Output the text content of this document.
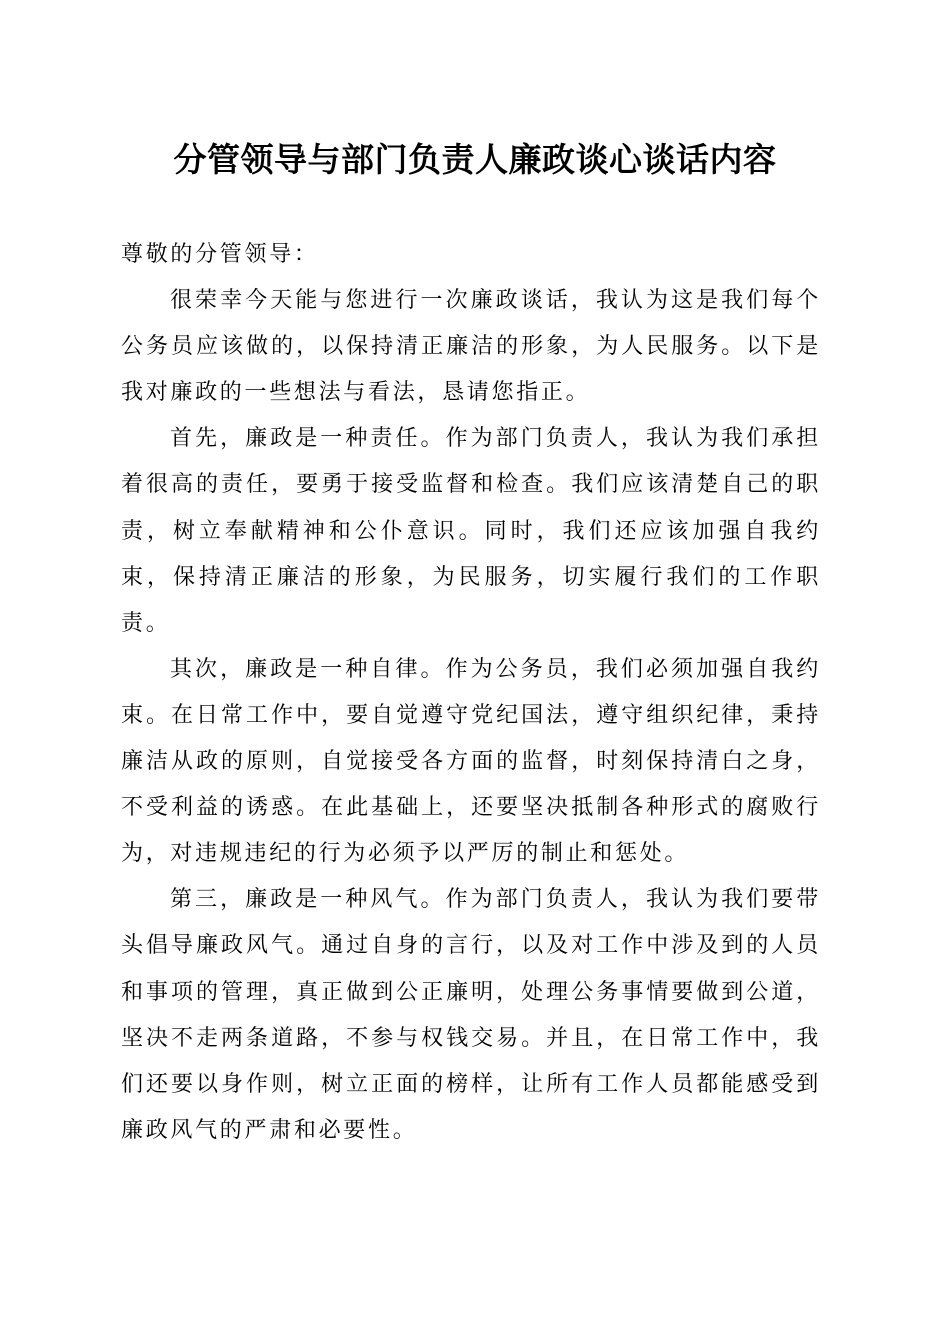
分管领导与部门负责人廉政谈心谈话内容

尊敬的分管领导：

很荣幸今天能与您进行一次廉政谈话，我认为这是我们每个公务员应该做的，以保持清正廉洁的形象，为人民服务。以下是我对廉政的一些想法与看法，恳请您指正。

首先，廉政是一种责任。作为部门负责人，我认为我们承担着很高的责任，要勇于接受监督和检查。我们应该清楚自己的职责，树立奉献精神和公仆意识。同时，我们还应该加强自我约束，保持清正廉洁的形象，为民服务，切实履行我们的工作职责。

其次，廉政是一种自律。作为公务员，我们必须加强自我约束。在日常工作中，要自觉遵守党纪国法，遵守组织纪律，秉持廉洁从政的原则，自觉接受各方面的监督，时刻保持清白之身，不受利益的诱惑。在此基础上，还要坚决抵制各种形式的腐败行为，对违规违纪的行为必须予以严厉的制止和惩处。

第三，廉政是一种风气。作为部门负责人，我认为我们要带头倡导廉政风气。通过自身的言行，以及对工作中涉及到的人员和事项的管理，真正做到公正廉明，处理公务事情要做到公道，坚决不走两条道路，不参与权钱交易。并且，在日常工作中，我们还要以身作则，树立正面的榜样，让所有工作人员都能感受到廉政风气的严肃和必要性。
